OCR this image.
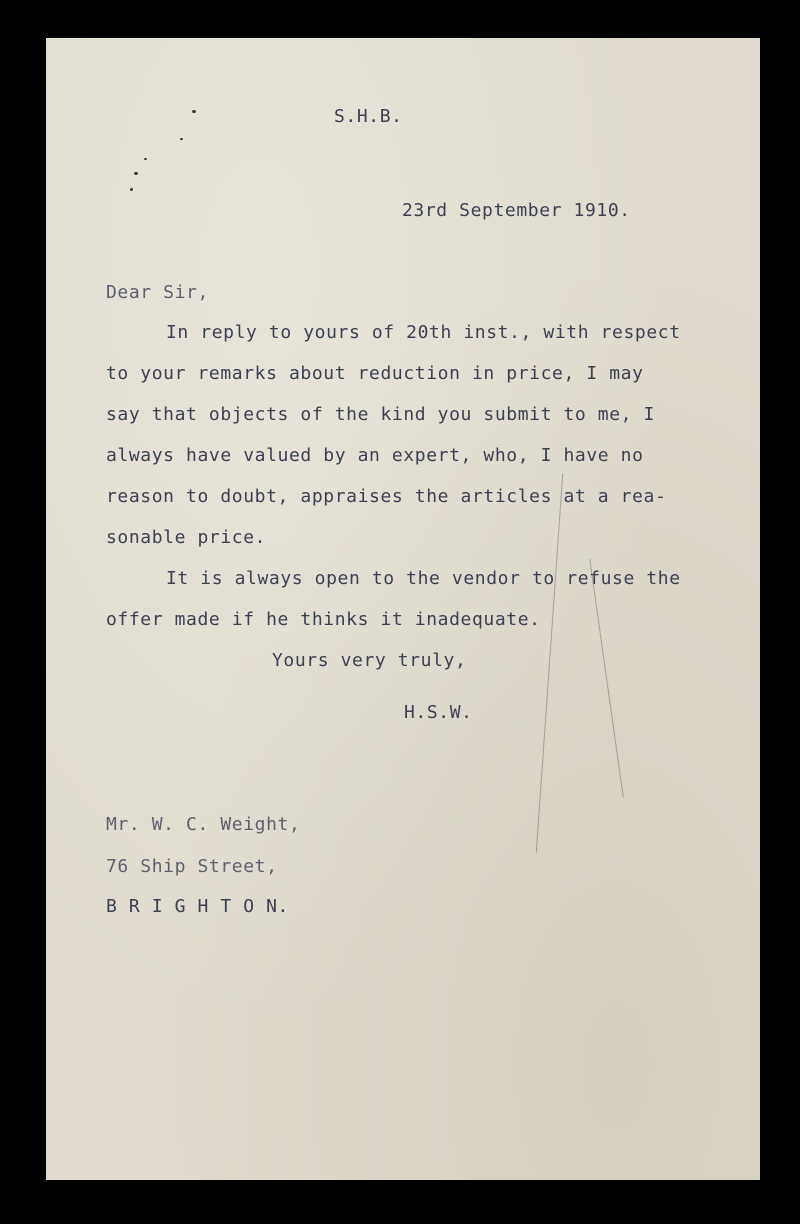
S.H.B.

23rd September 1910.

Dear Sir,

In reply to yours of 20th inst., with respect

to your remarks about reduction in price, I may

say that objects of the kind you submit to me, I

always have valued by an expert, who, I have no

reason to doubt, appraises the articles at a rea-

sonable price.

It is always open to the vendor to refuse the

offer made if he thinks it inadequate.

Yours very truly,

H.S.W.

Mr. W. C. Weight,

76 Ship Street,

B R I G H T O N.
